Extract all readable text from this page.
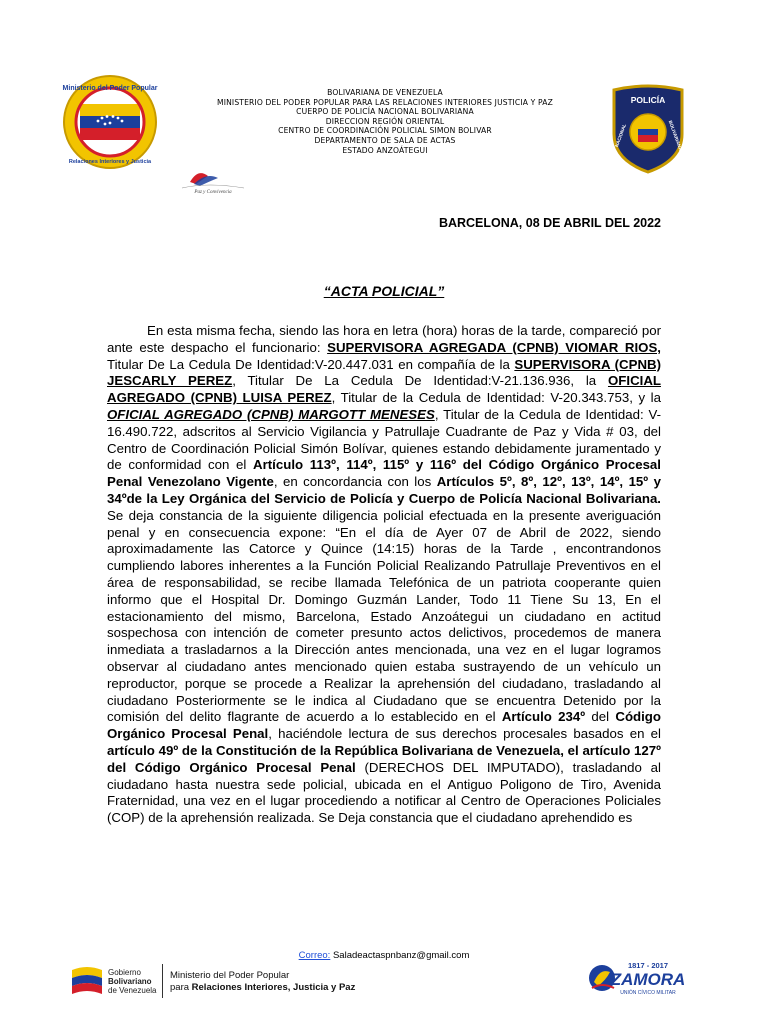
Ministerio del Poder Popular
Relaciones Interiores y Justicia
BOLIVARIANA DE VENEZUELA
MINISTERIO DEL PODER POPULAR PARA LAS RELACIONES INTERIORES JUSTICIA Y PAZ
CUERPO DE POLICÍA NACIONAL BOLIVARIANA
DIRECCION REGIÓN ORIENTAL
CENTRO DE COORDINACIÓN POLICIAL SIMON BOLIVAR
DEPARTAMENTO DE SALA DE ACTAS
ESTADO ANZOÁTEGUI
POLICÍA
NACIONAL	BOLIVARIANA
Paz y Convivencia
BARCELONA, 08 DE ABRIL DEL 2022
“ACTA POLICIAL”
En esta misma fecha, siendo las hora en letra (hora) horas de la tarde, compareció por ante este despacho el funcionario: SUPERVISORA AGREGADA (CPNB) VIOMAR RIOS, Titular De La Cedula De Identidad:V-20.447.031 en compañía de la SUPERVISORA (CPNB) JESCARLY PEREZ, Titular De La Cedula De Identidad:V-21.136.936, la OFICIAL AGREGADO (CPNB) LUISA PEREZ, Titular de la Cedula de Identidad: V-20.343.753, y la OFICIAL AGREGADO (CPNB) MARGOTT MENESES, Titular de la Cedula de Identidad: V-16.490.722, adscritos al Servicio Vigilancia y Patrullaje Cuadrante de Paz y Vida # 03, del Centro de Coordinación Policial Simón Bolívar, quienes estando debidamente juramentado y de conformidad con el Artículo 113º, 114º, 115º y 116º del Código Orgánico Procesal Penal Venezolano Vigente, en concordancia con los Artículos 5º, 8º, 12º, 13º, 14º, 15º y 34ºde la Ley Orgánica del Servicio de Policía y Cuerpo de Policía Nacional Bolivariana. Se deja constancia de la siguiente diligencia policial efectuada en la presente averiguación penal y en consecuencia expone: “En el día de Ayer 07 de Abril de 2022, siendo aproximadamente las Catorce y Quince (14:15) horas de la Tarde , encontrandonos cumpliendo labores inherentes a la Función Policial Realizando Patrullaje Preventivos en el área de responsabilidad, se recibe llamada Telefónica de un patriota cooperante quien informo que el Hospital Dr. Domingo Guzmán Lander, Todo 11 Tiene Su 13, En el estacionamiento del mismo, Barcelona, Estado Anzoátegui un ciudadano en actitud sospechosa con intención de cometer presunto actos delictivos, procedemos de manera inmediata a trasladarnos a la Dirección antes mencionada, una vez en el lugar logramos observar al ciudadano antes mencionado quien estaba sustrayendo de un vehículo un reproductor, porque se procede a Realizar la aprehensión del ciudadano, trasladando al ciudadano Posteriormente se le indica al Ciudadano que se encuentra Detenido por la comisión del delito flagrante de acuerdo a lo establecido en el Artículo 234º del Código Orgánico Procesal Penal, haciéndole lectura de sus derechos procesales basados en el artículo 49º de la Constitución de la República Bolivariana de Venezuela, el artículo 127º del Código Orgánico Procesal Penal (DERECHOS DEL IMPUTADO), trasladando al ciudadano hasta nuestra sede policial, ubicada en el Antiguo Poligono de Tiro, Avenida Fraternidad, una vez en el lugar procediendo a notificar al Centro de Operaciones Policiales (COP) de la aprehensión realizada. Se Deja constancia que el ciudadano aprehendido es
Correo: Saladeactaspnbanz@gmail.com
Gobierno
Bolivariano
de Venezuela
Ministerio del Poder Popular
para Relaciones Interiores, Justicia y Paz
1817 - 2017
ZAMORA
UNIÓN CÍVICO MILITAR
